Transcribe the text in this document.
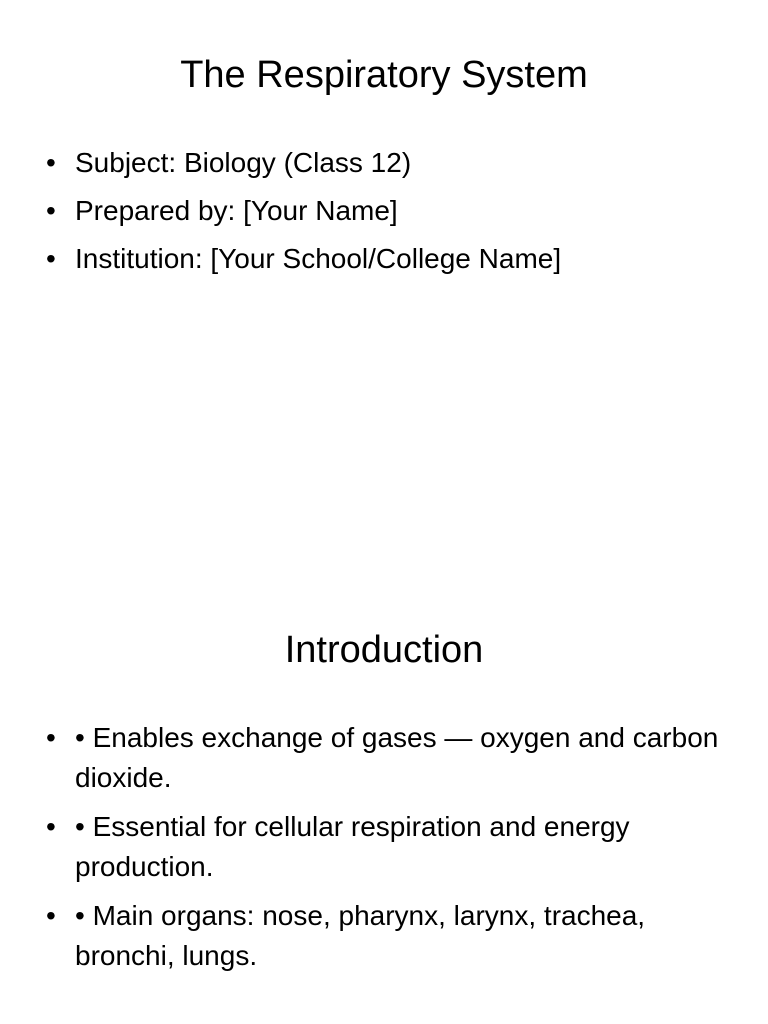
The Respiratory System
• Subject: Biology (Class 12)
• Prepared by: [Your Name]
• Institution: [Your School/College Name]
Introduction
• • Enables exchange of gases — oxygen and carbon dioxide.
• • Essential for cellular respiration and energy production.
• • Main organs: nose, pharynx, larynx, trachea, bronchi, lungs.
